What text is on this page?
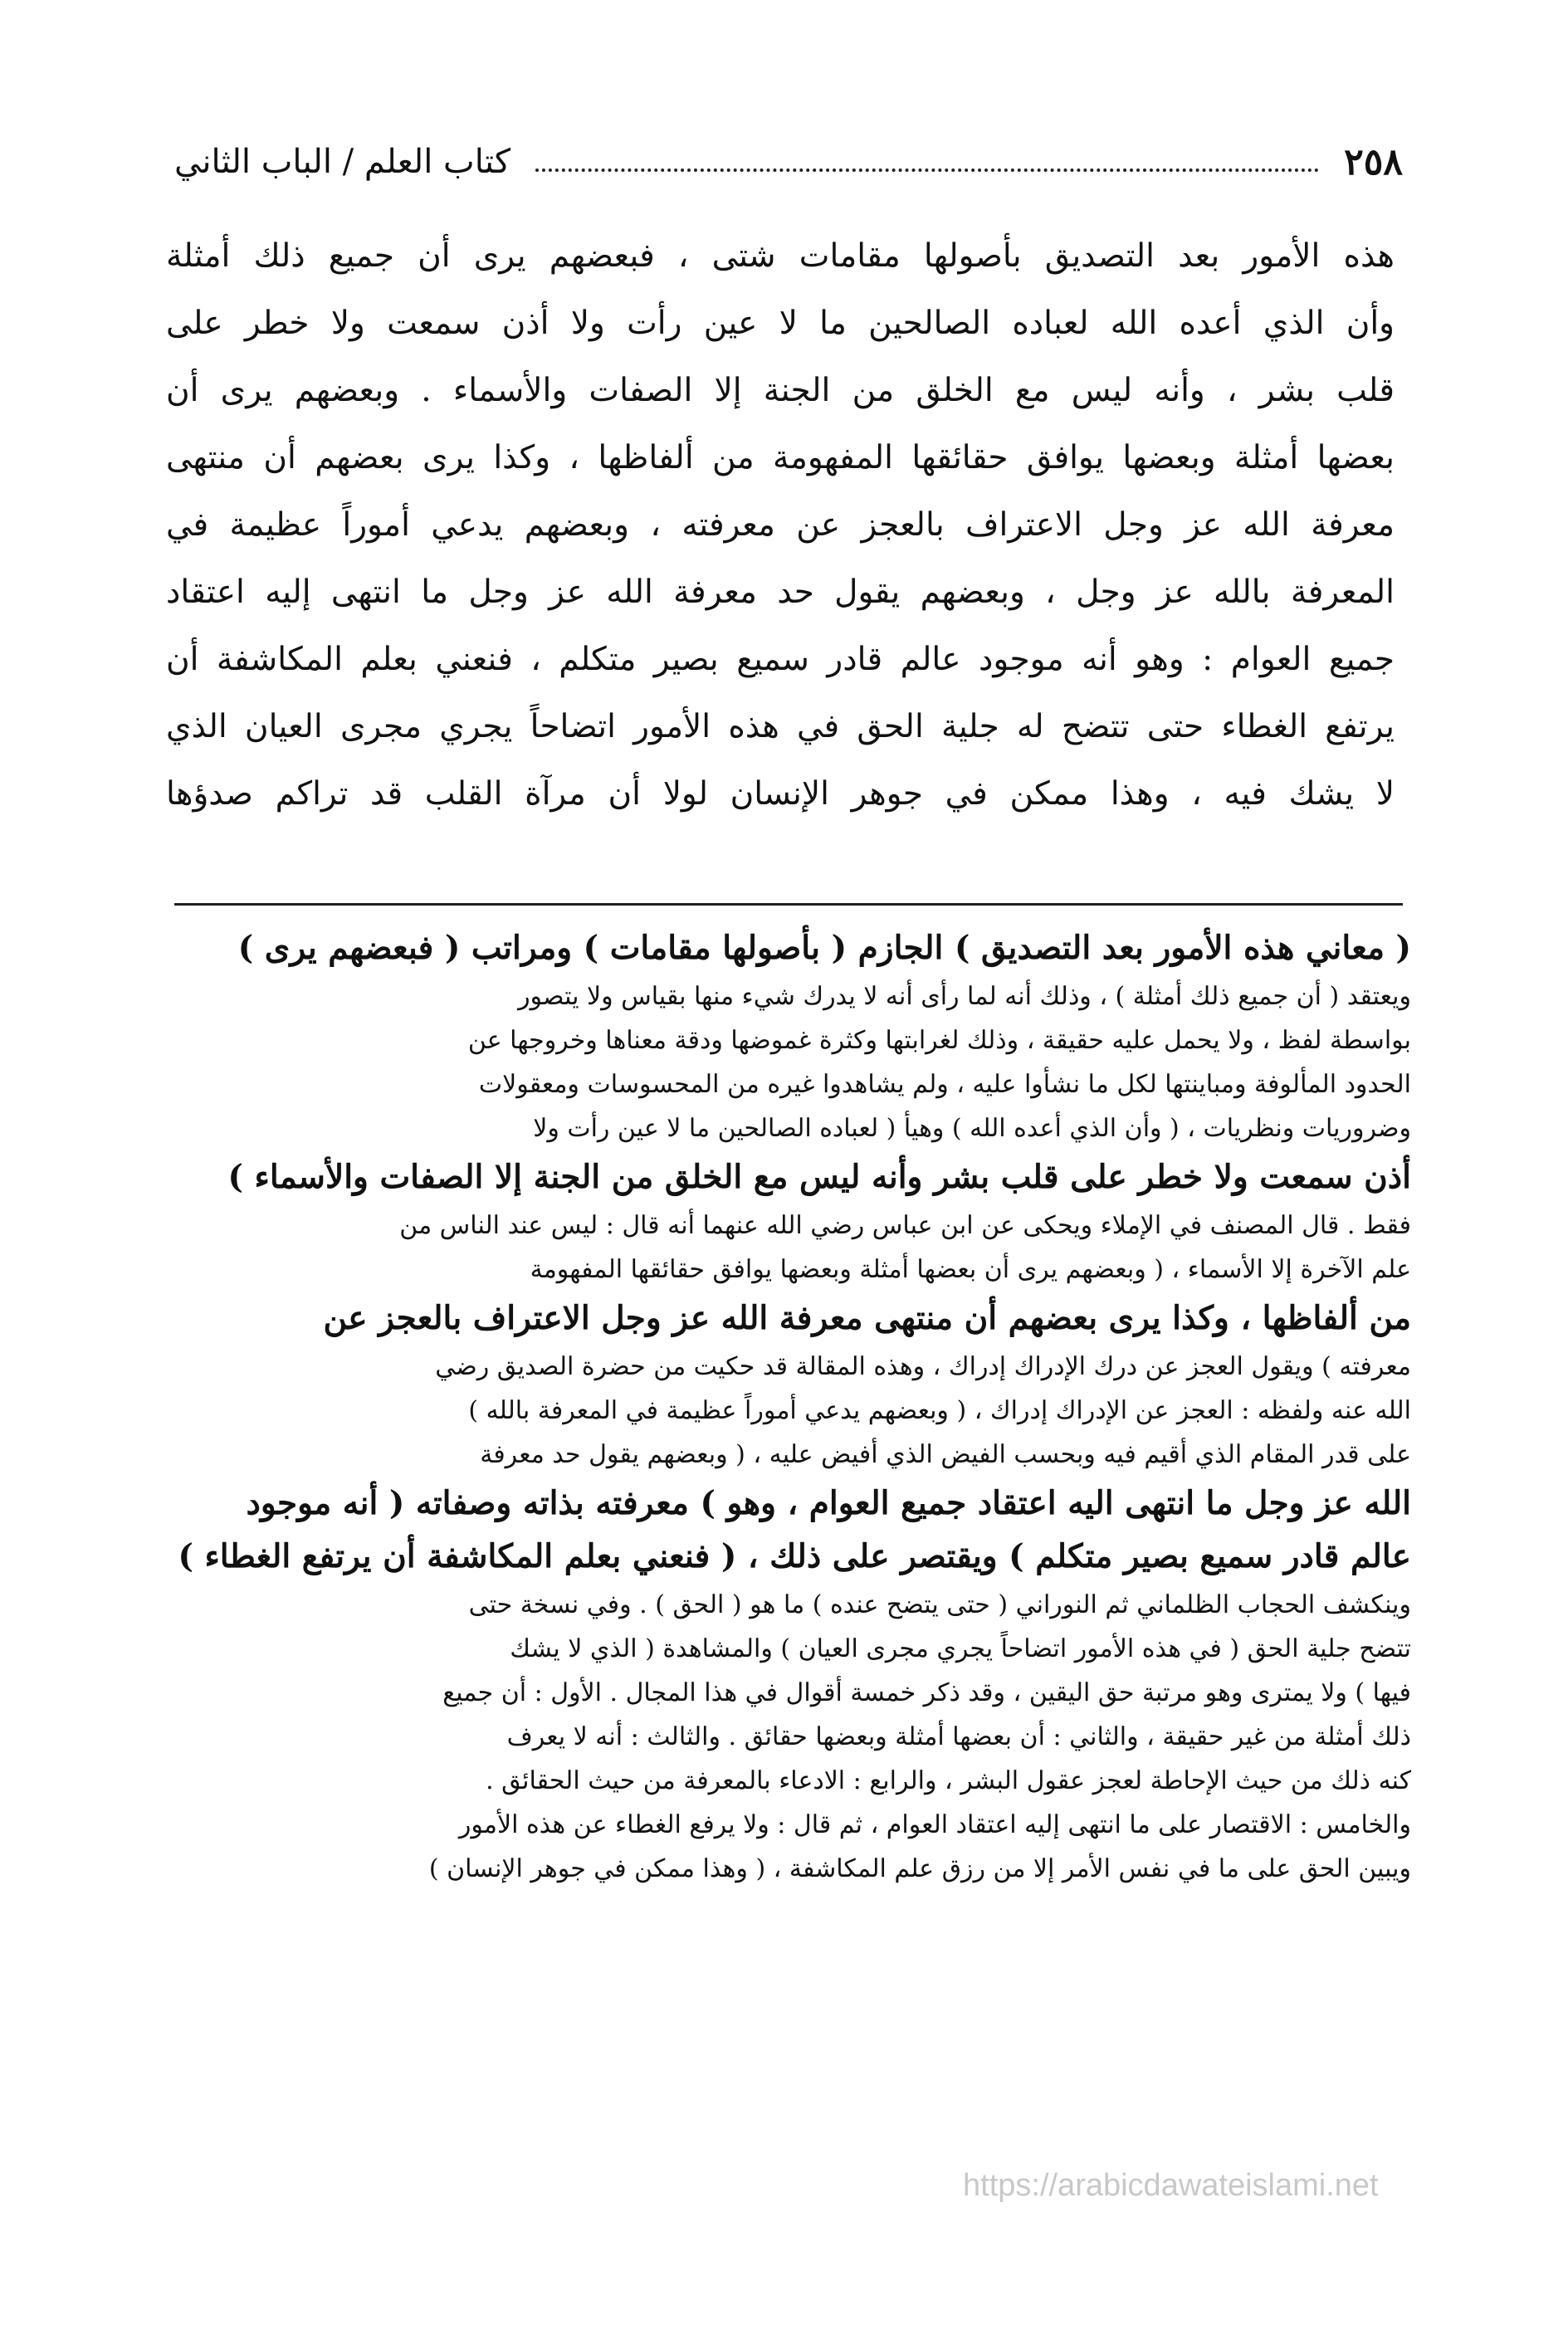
٢٥٨
كتاب العلم / الباب الثاني
هذه الأمور بعد التصديق بأصولها مقامات شتى ، فبعضهم يرى أن جميع ذلك أمثلة
وأن الذي أعده الله لعباده الصالحين ما لا عين رأت ولا أذن سمعت ولا خطر على
قلب بشر ، وأنه ليس مع الخلق من الجنة إلا الصفات والأسماء . وبعضهم يرى أن
بعضها أمثلة وبعضها يوافق حقائقها المفهومة من ألفاظها ، وكذا يرى بعضهم أن منتهى
معرفة الله عز وجل الاعتراف بالعجز عن معرفته ، وبعضهم يدعي أموراً عظيمة في
المعرفة بالله عز وجل ، وبعضهم يقول حد معرفة الله عز وجل ما انتهى إليه اعتقاد
جميع العوام : وهو أنه موجود عالم قادر سميع بصير متكلم ، فنعني بعلم المكاشفة أن
يرتفع الغطاء حتى تتضح له جلية الحق في هذه الأمور اتضاحاً يجري مجرى العيان الذي
لا يشك فيه ، وهذا ممكن في جوهر الإنسان لولا أن مرآة القلب قد تراكم صدؤها
( معاني هذه الأمور بعد التصديق ) الجازم ( بأصولها مقامات ) ومراتب ( فبعضهم يرى )
ويعتقد ( أن جميع ذلك أمثلة ) ، وذلك أنه لما رأى أنه لا يدرك شيء منها بقياس ولا يتصور
بواسطة لفظ ، ولا يحمل عليه حقيقة ، وذلك لغرابتها وكثرة غموضها ودقة معناها وخروجها عن
الحدود المألوفة ومباينتها لكل ما نشأوا عليه ، ولم يشاهدوا غيره من المحسوسات ومعقولات
وضروريات ونظريات ، ( وأن الذي أعده الله ) وهيأ ( لعباده الصالحين ما لا عين رأت ولا
أذن سمعت ولا خطر على قلب بشر وأنه ليس مع الخلق من الجنة إلا الصفات والأسماء )
فقط . قال المصنف في الإملاء ويحكى عن ابن عباس رضي الله عنهما أنه قال : ليس عند الناس من
علم الآخرة إلا الأسماء ، ( وبعضهم يرى أن بعضها أمثلة وبعضها يوافق حقائقها المفهومة
من ألفاظها ، وكذا يرى بعضهم أن منتهى معرفة الله عز وجل الاعتراف بالعجز عن
معرفته ) ويقول العجز عن درك الإدراك إدراك ، وهذه المقالة قد حكيت من حضرة الصديق رضي
الله عنه ولفظه : العجز عن الإدراك إدراك ، ( وبعضهم يدعي أموراً عظيمة في المعرفة بالله )
على قدر المقام الذي أقيم فيه وبحسب الفيض الذي أفيض عليه ، ( وبعضهم يقول حد معرفة
الله عز وجل ما انتهى اليه اعتقاد جميع العوام ، وهو ) معرفته بذاته وصفاته ( أنه موجود
عالم قادر سميع بصير متكلم ) ويقتصر على ذلك ، ( فنعني بعلم المكاشفة أن يرتفع الغطاء )
وينكشف الحجاب الظلماني ثم النوراني ( حتى يتضح عنده ) ما هو ( الحق ) . وفي نسخة حتى
تتضح جلية الحق ( في هذه الأمور اتضاحاً يجري مجرى العيان ) والمشاهدة ( الذي لا يشك
فيها ) ولا يمترى وهو مرتبة حق اليقين ، وقد ذكر خمسة أقوال في هذا المجال . الأول : أن جميع
ذلك أمثلة من غير حقيقة ، والثاني : أن بعضها أمثلة وبعضها حقائق . والثالث : أنه لا يعرف
كنه ذلك من حيث الإحاطة لعجز عقول البشر ، والرابع : الادعاء بالمعرفة من حيث الحقائق .
والخامس : الاقتصار على ما انتهى إليه اعتقاد العوام ، ثم قال : ولا يرفع الغطاء عن هذه الأمور
ويبين الحق على ما في نفس الأمر إلا من رزق علم المكاشفة ، ( وهذا ممكن في جوهر الإنسان )
https://arabicdawateislami.net
